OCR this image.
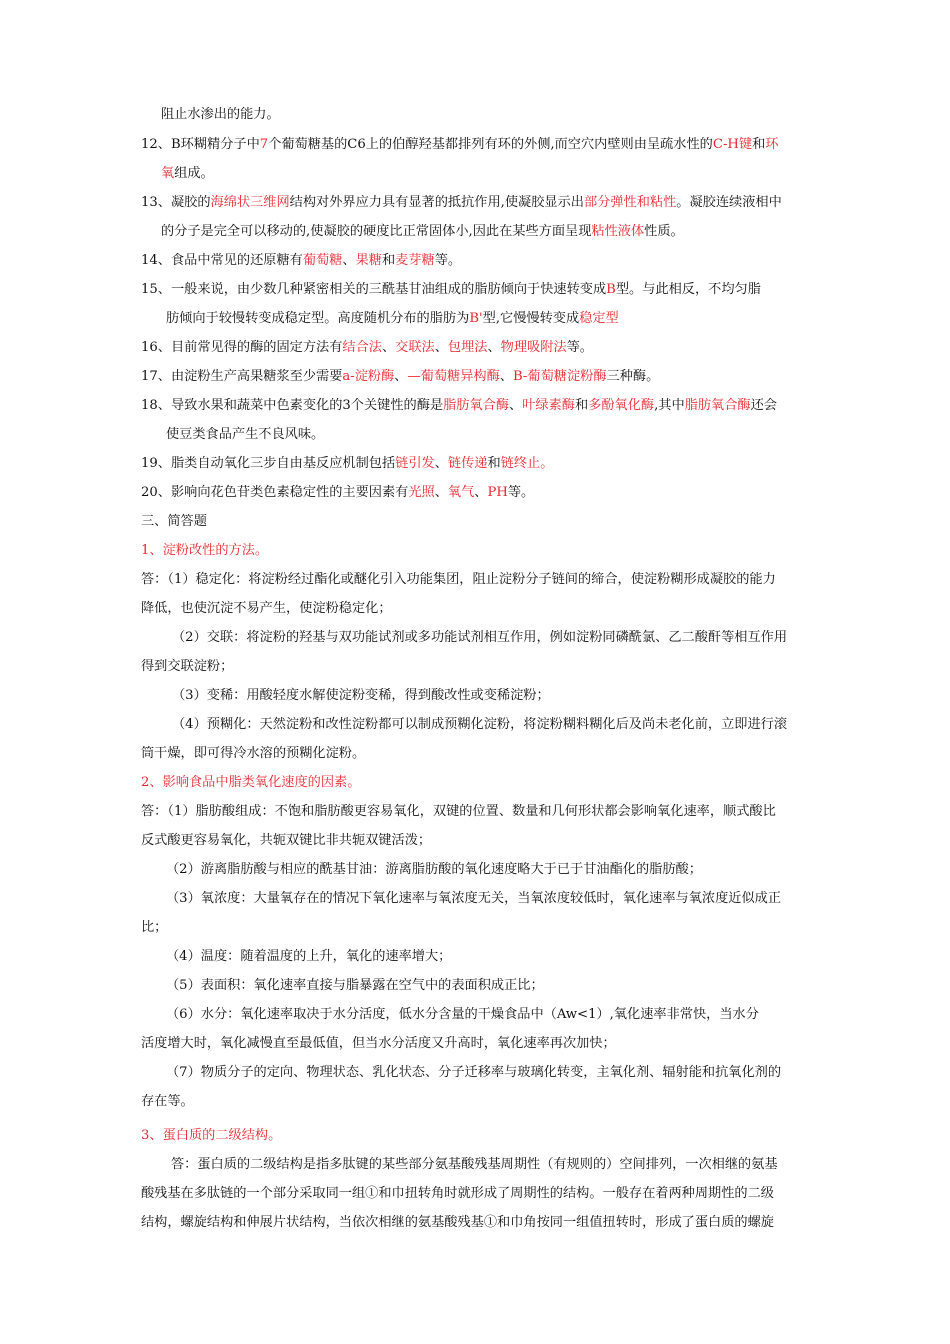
阻止水渗出的能力。
12、B环糊精分子中7个葡萄糖基的C6上的伯醇羟基都排列有环的外侧,而空穴内壁则由呈疏水性的C-H键和环
氧组成。
13、凝胶的海绵状三维网结构对外界应力具有显著的抵抗作用,使凝胶显示出部分弹性和粘性。凝胶连续液相中
的分子是完全可以移动的,使凝胶的硬度比正常固体小,因此在某些方面呈现粘性液体性质。
14、食品中常见的还原糖有葡萄糖、果糖和麦芽糖等。
15、一般来说，由少数几种紧密相关的三酰基甘油组成的脂肪倾向于快速转变成B型。与此相反，不均匀脂
肪倾向于较慢转变成稳定型。高度随机分布的脂肪为B'型,它慢慢转变成稳定型
16、目前常见得的酶的固定方法有结合法、交联法、包埋法、物理吸附法等。
17、由淀粉生产高果糖浆至少需要a-淀粉酶、—葡萄糖异构酶、B-葡萄糖淀粉酶三种酶。
18、导致水果和蔬菜中色素变化的3个关键性的酶是脂肪氧合酶、叶绿素酶和多酚氧化酶,其中脂肪氧合酶还会
使豆类食品产生不良风味。
19、脂类自动氧化三步自由基反应机制包括链引发、链传递和链终止。
20、影响向花色苷类色素稳定性的主要因素有光照、氧气、PH等。
三、简答题
1、淀粉改性的方法。
答：（1）稳定化：将淀粉经过酯化或醚化引入功能集团，阻止淀粉分子链间的缔合，使淀粉糊形成凝胶的能力
降低，也使沉淀不易产生，使淀粉稳定化；
（2）交联：将淀粉的羟基与双功能试剂或多功能试剂相互作用，例如淀粉同磷酰氯、乙二酸酐等相互作用
得到交联淀粉；
（3）变稀：用酸轻度水解使淀粉变稀，得到酸改性或变稀淀粉；
（4）预糊化：天然淀粉和改性淀粉都可以制成预糊化淀粉，将淀粉糊料糊化后及尚未老化前，立即进行滚
筒干燥，即可得冷水溶的预糊化淀粉。
2、影响食品中脂类氧化速度的因素。
答：（1）脂肪酸组成：不饱和脂肪酸更容易氧化，双键的位置、数量和几何形状都会影响氧化速率，顺式酸比
反式酸更容易氧化，共轭双键比非共轭双键活泼；
（2）游离脂肪酸与相应的酰基甘油：游离脂肪酸的氧化速度略大于已于甘油酯化的脂肪酸；
（3）氧浓度：大量氧存在的情况下氧化速率与氧浓度无关，当氧浓度较低时，氧化速率与氧浓度近似成正
比；
（4）温度：随着温度的上升，氧化的速率增大；
（5）表面积：氧化速率直接与脂暴露在空气中的表面积成正比；
（6）水分：氧化速率取决于水分活度，低水分含量的干燥食品中（Aw<1）,氧化速率非常快，当水分
活度增大时，氧化减慢直至最低值，但当水分活度又升高时，氧化速率再次加快；
（7）物质分子的定向、物理状态、乳化状态、分子迁移率与玻璃化转变，主氧化剂、辐射能和抗氧化剂的
存在等。
3、蛋白质的二级结构。
答：蛋白质的二级结构是指多肽键的某些部分氨基酸残基周期性（有规则的）空间排列，一次相继的氨基
酸残基在多肽链的一个部分采取同一组①和巾扭转角时就形成了周期性的结构。一般存在着两种周期性的二级
结构，螺旋结构和伸展片状结构，当依次相继的氨基酸残基①和巾角按同一组值扭转时，形成了蛋白质的螺旋
